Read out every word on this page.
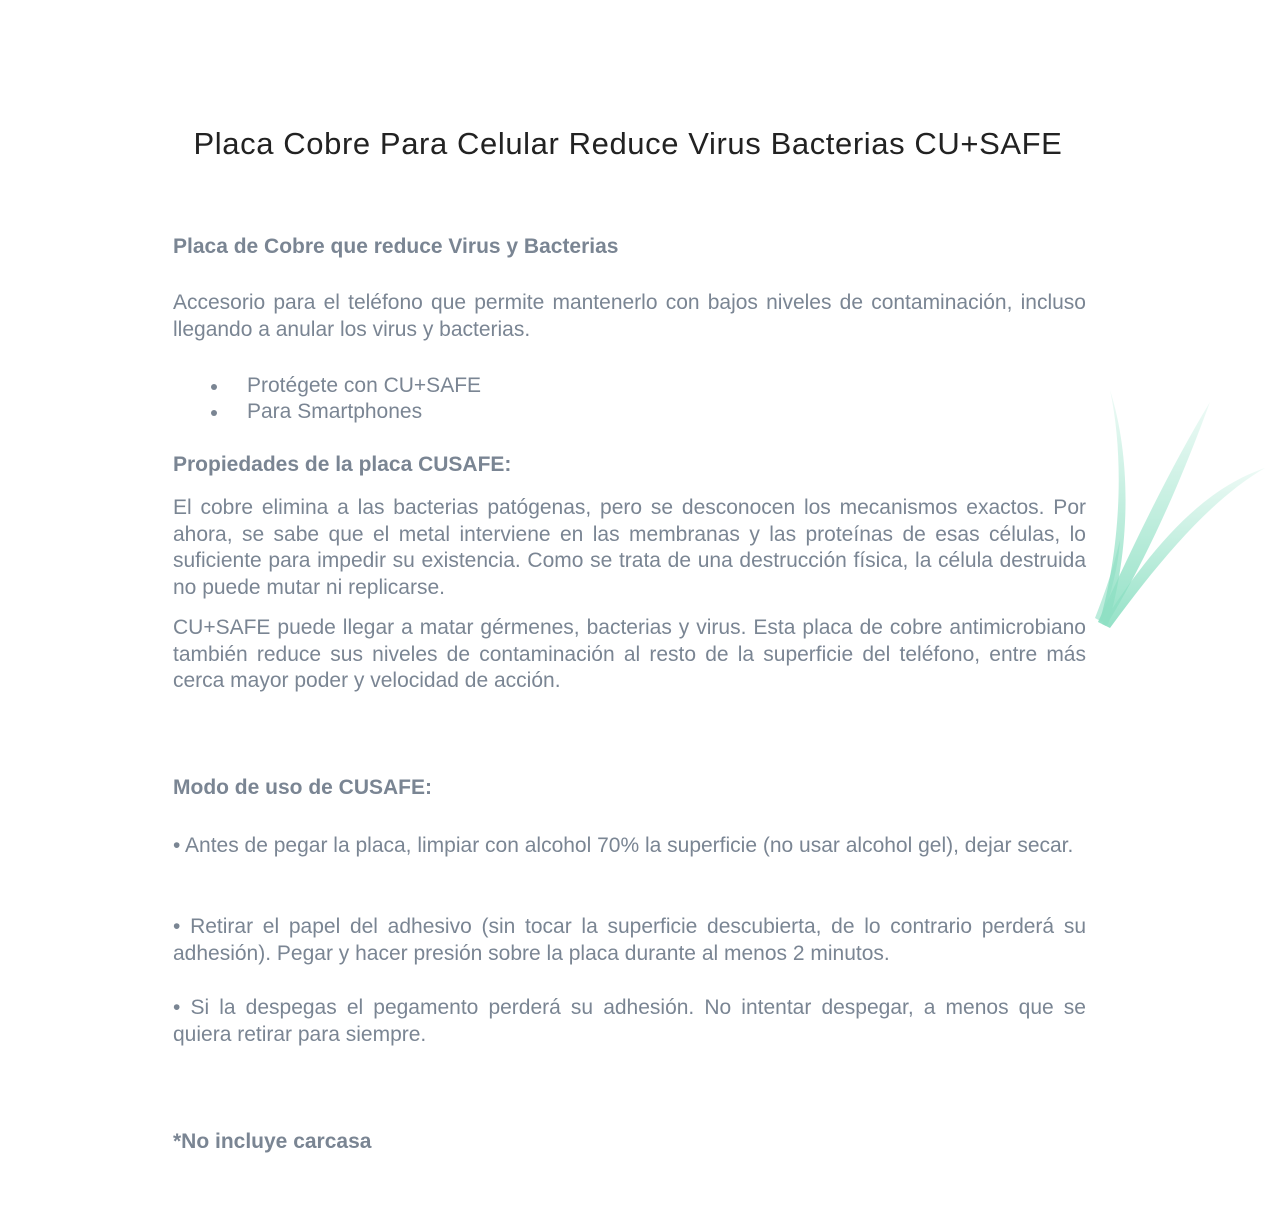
Placa Cobre Para Celular Reduce Virus Bacterias CU+SAFE

Placa de Cobre que reduce Virus y Bacterias

Accesorio para el teléfono que permite mantenerlo con bajos niveles de contaminación, incluso llegando a anular los virus y bacterias.

Protégete con CU+SAFE
Para Smartphones

Propiedades de la placa CUSAFE:

El cobre elimina a las bacterias patógenas, pero se desconocen los mecanismos exactos. Por ahora, se sabe que el metal interviene en las membranas y las proteínas de esas células, lo suficiente para impedir su existencia. Como se trata de una destrucción física, la célula destruida no puede mutar ni replicarse.

CU+SAFE puede llegar a matar gérmenes, bacterias y virus. Esta placa de cobre antimicrobiano también reduce sus niveles de contaminación al resto de la superficie del teléfono, entre más cerca mayor poder y velocidad de acción.

Modo de uso de CUSAFE:

• Antes de pegar la placa, limpiar con alcohol 70% la superficie (no usar alcohol gel), dejar secar.

• Retirar el papel del adhesivo (sin tocar la superficie descubierta, de lo contrario perderá su adhesión). Pegar y hacer presión sobre la placa durante al menos 2 minutos.

• Si la despegas el pegamento perderá su adhesión. No intentar despegar, a menos que se quiera retirar para siempre.

*No incluye carcasa
